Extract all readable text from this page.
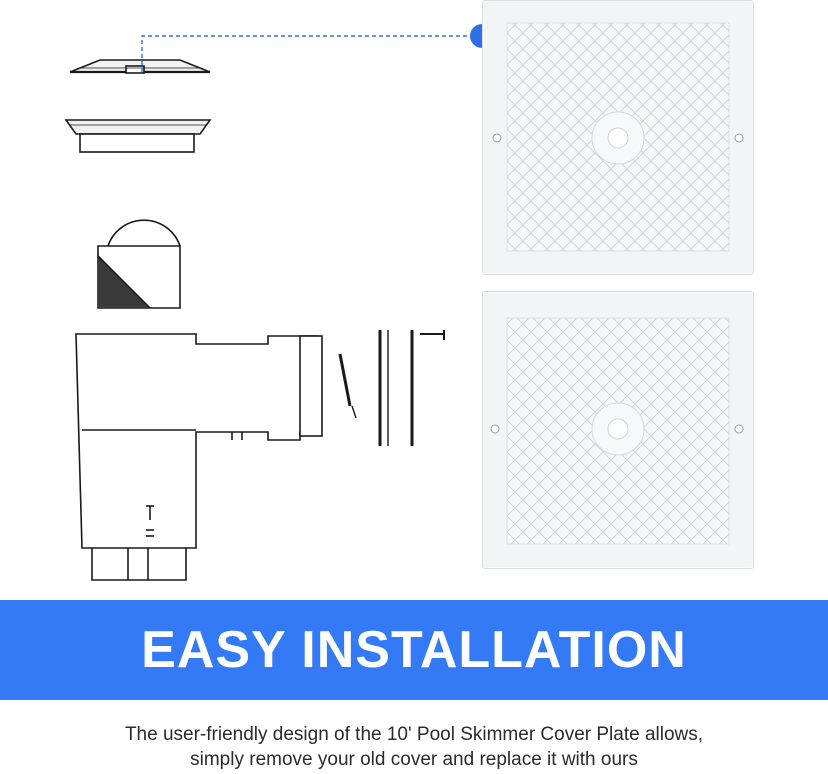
EASY INSTALLATION
The user-friendly design of the 10' Pool Skimmer Cover Plate allows,
simply remove your old cover and replace it with ours
